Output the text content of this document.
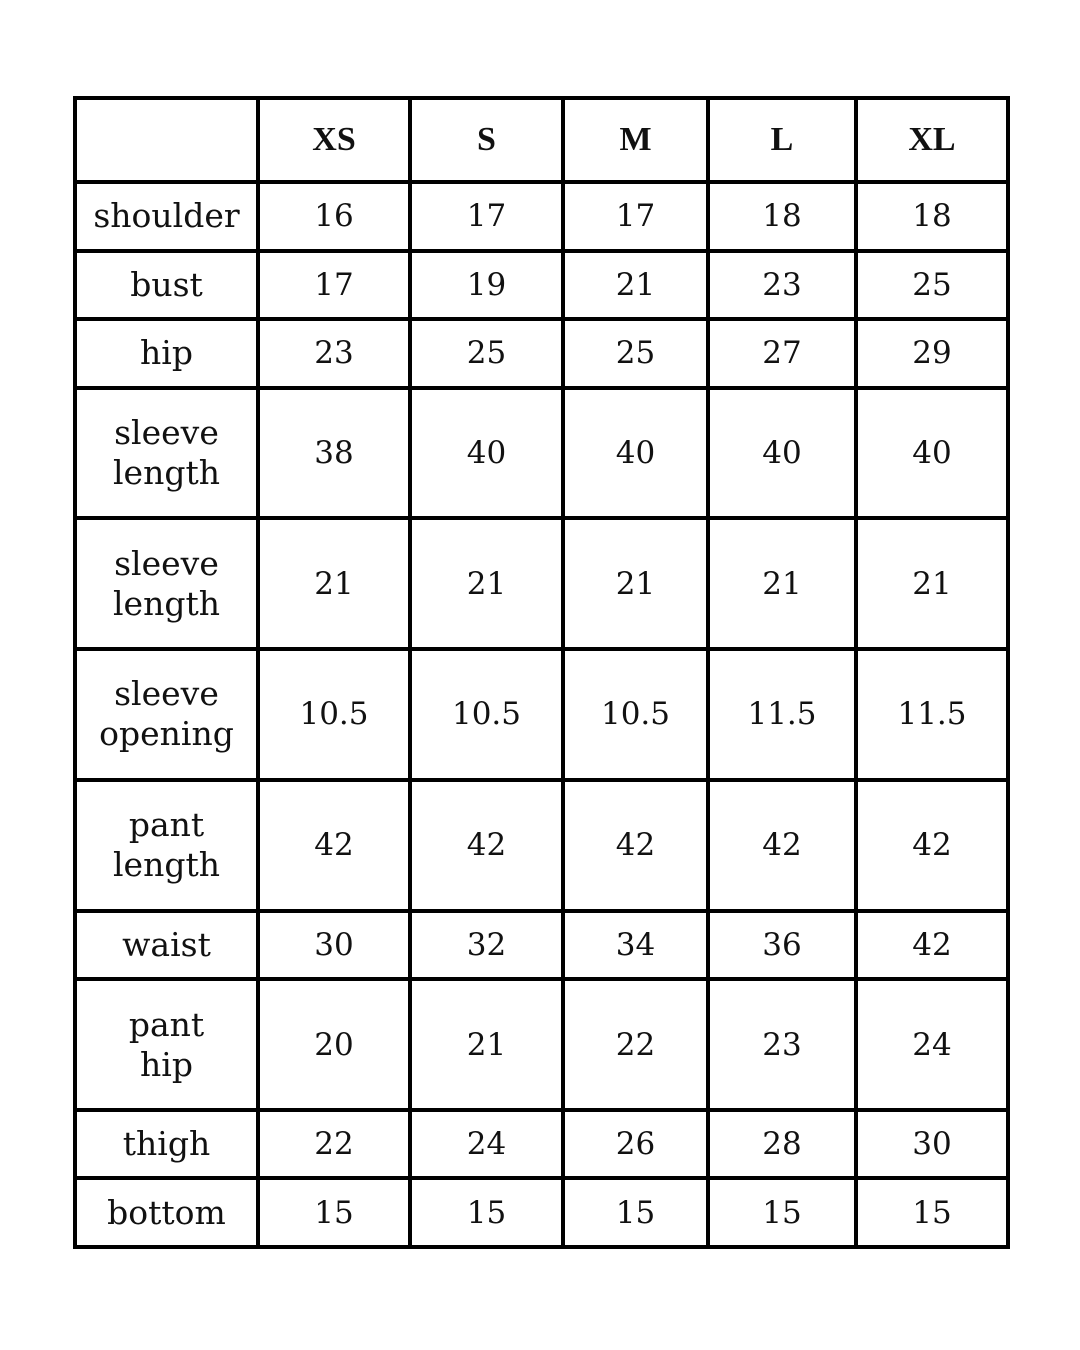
	XS	S	M	L	XL
shoulder	16	17	17	18	18
bust	17	19	21	23	25
hip	23	25	25	27	29
sleeve
length	38	40	40	40	40
sleeve
length	21	21	21	21	21
sleeve
opening	10.5	10.5	10.5	11.5	11.5
pant
length	42	42	42	42	42
waist	30	32	34	36	42
pant
hip	20	21	22	23	24
thigh	22	24	26	28	30
bottom	15	15	15	15	15
